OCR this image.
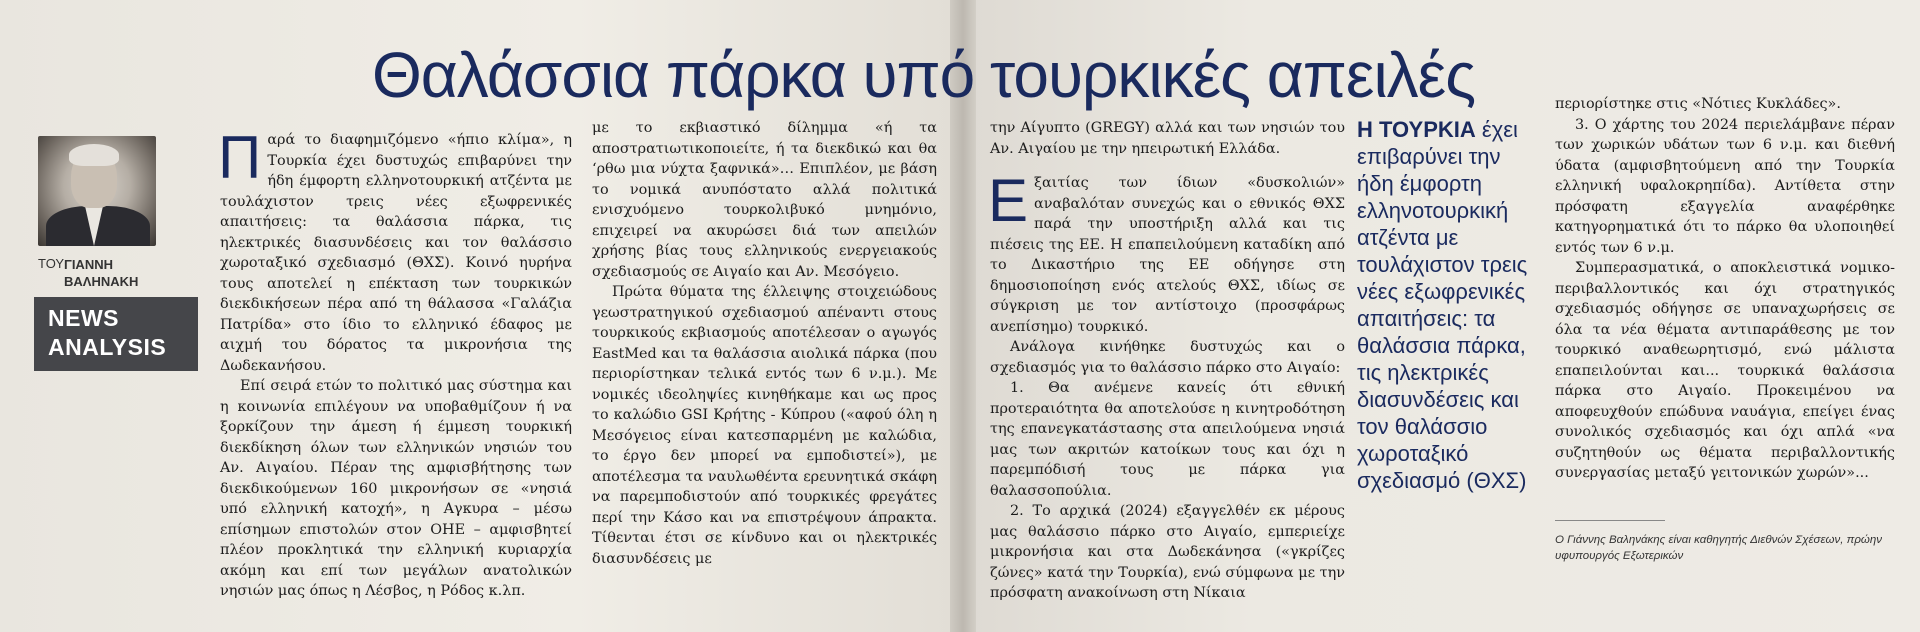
Θαλάσσια πάρκα υπό τουρκικές απειλές
ΤΟΥ ΓΙΑΝΝΗ ΒΑΛΗΝΑΚΗ
NEWS
ANALYSIS

Παρά το διαφημιζόμενο «ήπιο κλίμα», η Τουρκία έχει δυστυχώς επιβαρύνει την ήδη έμφορτη ελληνοτουρκική ατζέντα με τουλάχιστον τρεις νέες εξωφρενικές απαιτήσεις: τα θαλάσσια πάρκα, τις ηλεκτρικές διασυνδέσεις και τον θαλάσσιο χωροταξικό σχεδιασμό (ΘΧΣ). Κοινό ηυρήνα τους αποτελεί η επέκταση των τουρκικών διεκδικήσεων πέρα από τη θάλασσα «Γαλάζια Πατρίδα» στο ίδιο το ελληνικό έδαφος με αιχμή του δόρατος τα μικρονήσια της Δωδεκανήσου.

Επί σειρά ετών το πολιτικό μας σύστημα και η κοινωνία επιλέγουν να υποβαθμίζουν ή να ξορκίζουν την άμεση ή έμμεση τουρκική διεκδίκηση όλων των ελληνικών νησιών του Αν. Αιγαίου. Πέραν της αμφισβήτησης των διεκδικούμενων 160 μικρονήσων σε «νησιά υπό ελληνική κατοχή», η Αγκυρα – μέσω επίσημων επιστολών στον ΟΗΕ – αμφισβητεί πλέον προκλητικά την ελληνική κυριαρχία ακόμη και επί των μεγάλων ανατολικών νησιών μας όπως η Λέσβος, η Ρόδος κ.λπ.

με το εκβιαστικό δίλημμα «ή τα αποστρατιωτικοποιείτε, ή τα διεκδικώ και θα ‘ρθω μια νύχτα ξαφνικά»… Επιπλέον, με βάση το νομικά ανυπόστατο αλλά πολιτικά ενισχυόμενο τουρκολιβυκό μνημόνιο, επιχειρεί να ακυρώσει διά των απειλών χρήσης βίας τους ελληνικούς ενεργειακούς σχεδιασμούς σε Αιγαίο και Αν. Μεσόγειο.

Πρώτα θύματα της έλλειψης στοιχειώδους γεωστρατηγικού σχεδιασμού απέναντι στους τουρκικούς εκβιασμούς αποτέλεσαν ο αγωγός EastMed και τα θαλάσσια αιολικά πάρκα (που περιορίστηκαν τελικά εντός των 6 ν.μ.). Με νομικές ιδεοληψίες κινηθήκαμε και ως προς το καλώδιο GSI Κρήτης - Κύπρου («αφού όλη η Μεσόγειος είναι κατεσπαρμένη με καλώδια, το έργο δεν μπορεί να εμποδιστεί»), με αποτέλεσμα τα ναυλωθέντα ερευνητικά σκάφη να παρεμποδιστούν από τουρκικές φρεγάτες περί την Κάσο και να επιστρέψουν άπρακτα. Τίθενται έτσι σε κίνδυνο και οι ηλεκτρικές διασυνδέσεις με

την Αίγυπτο (GREGY) αλλά και των νησιών του Αν. Αιγαίου με την ηπειρωτική Ελλάδα.

Εξαιτίας των ίδιων «δυσκολιών» αναβαλόταν συνεχώς και ο εθνικός ΘΧΣ παρά την υποστήριξη αλλά και τις πιέσεις της ΕΕ. Η επαπειλούμενη καταδίκη από το Δικαστήριο της ΕΕ οδήγησε στη δημοσιοποίηση ενός ατελούς ΘΧΣ, ιδίως σε σύγκριση με τον αντίστοιχο (προσφάρως ανεπίσημο) τουρκικό.

Ανάλογα κινήθηκε δυστυχώς και ο σχεδιασμός για το θαλάσσιο πάρκο στο Αιγαίο:

1. Θα ανέμενε κανείς ότι εθνική προτεραιότητα θα αποτελούσε η κινητροδότηση της επανεγκατάστασης στα απειλούμενα νησιά μας των ακριτών κατοίκων τους και όχι η παρεμπόδισή τους με πάρκα για θαλασσοπούλια.

2. Το αρχικά (2024) εξαγγελθέν εκ μέρους μας θαλάσσιο πάρκο στο Αιγαίο, εμπεριείχε μικρονήσια και στα Δωδεκάνησα («γκρίζες ζώνες» κατά την Τουρκία), ενώ σύμφωνα με την πρόσφατη ανακοίνωση στη Νίκαια

Η ΤΟΥΡΚΙΑ έχει επιβαρύνει την ήδη έμφορτη ελληνοτουρκική ατζέντα με τουλάχιστον τρεις νέες εξωφρενικές απαιτήσεις: τα θαλάσσια πάρκα, τις ηλεκτρικές διασυνδέσεις και τον θαλάσσιο χωροταξικό σχεδιασμό (ΘΧΣ)

περιορίστηκε στις «Νότιες Κυκλάδες».

3. Ο χάρτης του 2024 περιελάμβανε πέραν των χωρικών υδάτων των 6 ν.μ. και διεθνή ύδατα (αμφισβητούμενη από την Τουρκία ελληνική υφαλοκρηπίδα). Αντίθετα στην πρόσφατη εξαγγελία αναφέρθηκε κατηγορηματικά ότι το πάρκο θα υλοποιηθεί εντός των 6 ν.μ.

Συμπερασματικά, ο αποκλειστικά νομικο-περιβαλλοντικός και όχι στρατηγικός σχεδιασμός οδήγησε σε υπαναχωρήσεις σε όλα τα νέα θέματα αντιπαράθεσης με τον τουρκικό αναθεωρητισμό, ενώ μάλιστα επαπειλούνται και... τουρκικά θαλάσσια πάρκα στο Αιγαίο. Προκειμένου να αποφευχθούν επώδυνα ναυάγια, επείγει ένας συνολικός σχεδιασμός και όχι απλά «να συζητηθούν ως θέματα περιβαλλοντικής συνεργασίας μεταξύ γειτονικών χωρών»...

Ο Γιάννης Βαληνάκης είναι καθηγητής Διεθνών Σχέσεων, πρώην υφυπουργός Εξωτερικών
